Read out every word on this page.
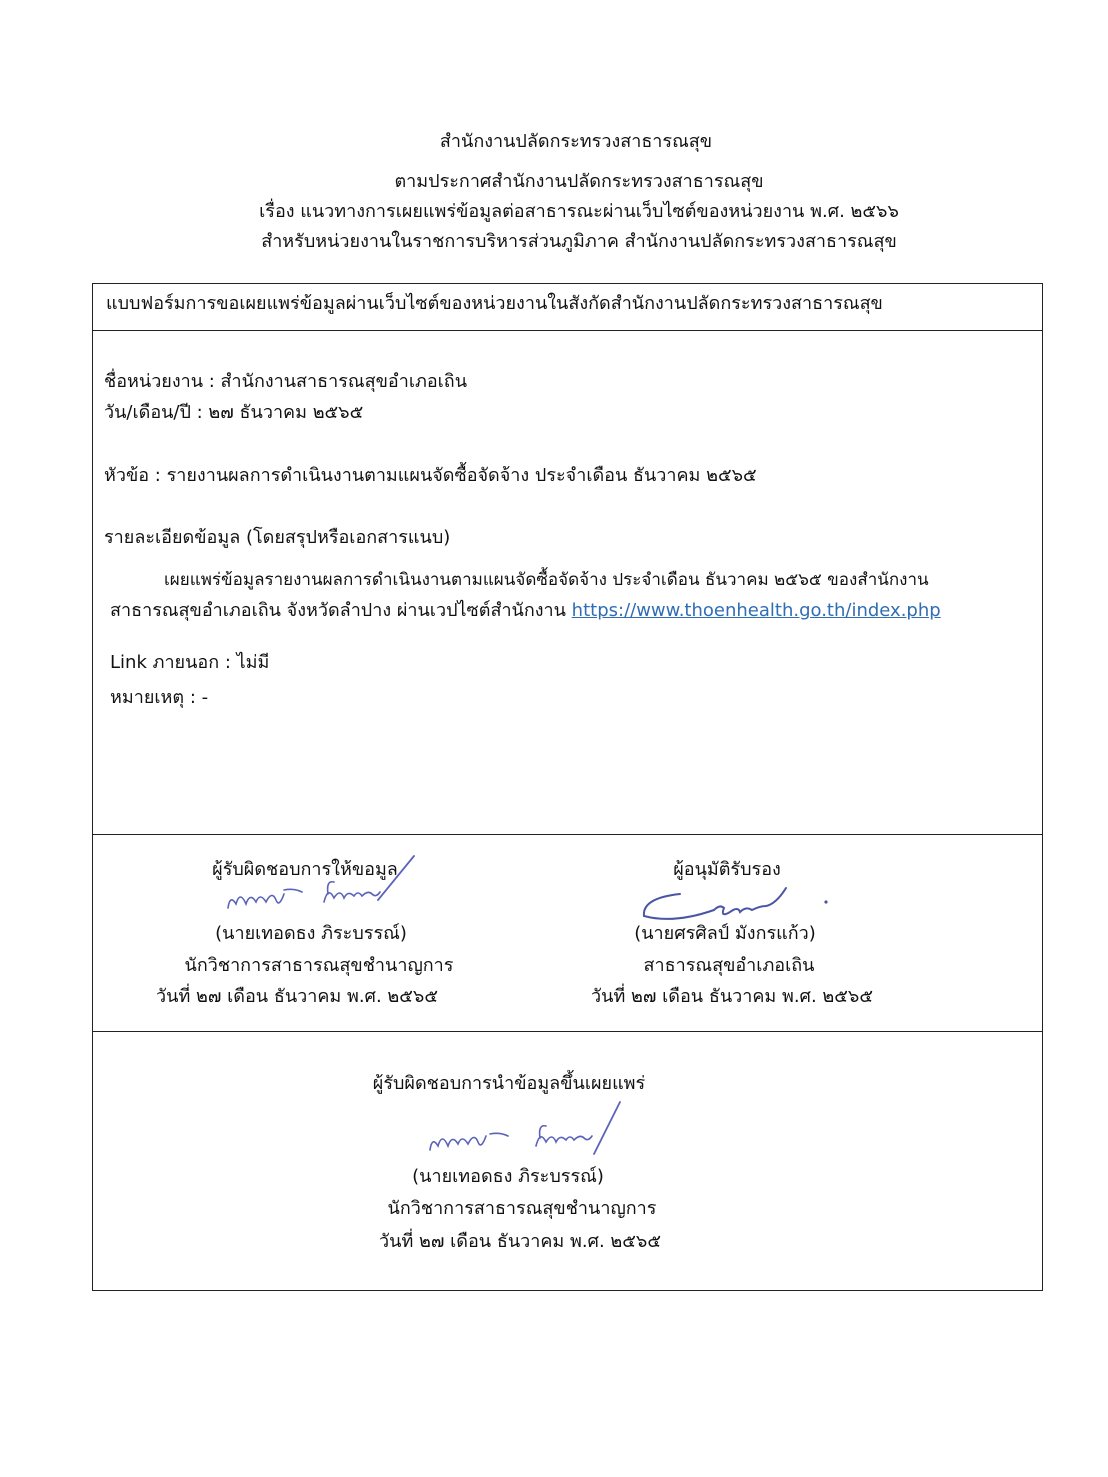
สำนักงานปลัดกระทรวงสาธารณสุข
ตามประกาศสำนักงานปลัดกระทรวงสาธารณสุข
เรื่อง แนวทางการเผยแพร่ข้อมูลต่อสาธารณะผ่านเว็บไซต์ของหน่วยงาน พ.ศ. ๒๕๖๖
สำหรับหน่วยงานในราชการบริหารส่วนภูมิภาค สำนักงานปลัดกระทรวงสาธารณสุข
แบบฟอร์มการขอเผยแพร่ข้อมูลผ่านเว็บไซต์ของหน่วยงานในสังกัดสำนักงานปลัดกระทรวงสาธารณสุข
ชื่อหน่วยงาน : สำนักงานสาธารณสุขอำเภอเถิน
วัน/เดือน/ปี : ๒๗ ธันวาคม ๒๕๖๕
หัวข้อ : รายงานผลการดำเนินงานตามแผนจัดซื้อจัดจ้าง ประจำเดือน ธันวาคม ๒๕๖๕
รายละเอียดข้อมูล (โดยสรุปหรือเอกสารแนบ)
เผยแพร่ข้อมูลรายงานผลการดำเนินงานตามแผนจัดซื้อจัดจ้าง ประจำเดือน ธันวาคม ๒๕๖๕ ของสำนักงาน
สาธารณสุขอำเภอเถิน จังหวัดลำปาง ผ่านเวปไซต์สำนักงาน https://www.thoenhealth.go.th/index.php
Link ภายนอก : ไม่มี
หมายเหตุ : -
ผู้รับผิดชอบการให้ขอมูล
(นายเทอดธง ภิระบรรณ์)
นักวิชาการสาธารณสุขชำนาญการ
วันที่ ๒๗ เดือน ธันวาคม พ.ศ. ๒๕๖๕
ผู้อนุมัติรับรอง
(นายศรศิลป์ มังกรแก้ว)
สาธารณสุขอำเภอเถิน
วันที่ ๒๗ เดือน ธันวาคม พ.ศ. ๒๕๖๕
ผู้รับผิดชอบการนำข้อมูลขึ้นเผยแพร่
(นายเทอดธง ภิระบรรณ์)
นักวิชาการสาธารณสุขชำนาญการ
วันที่ ๒๗ เดือน ธันวาคม พ.ศ. ๒๕๖๕
